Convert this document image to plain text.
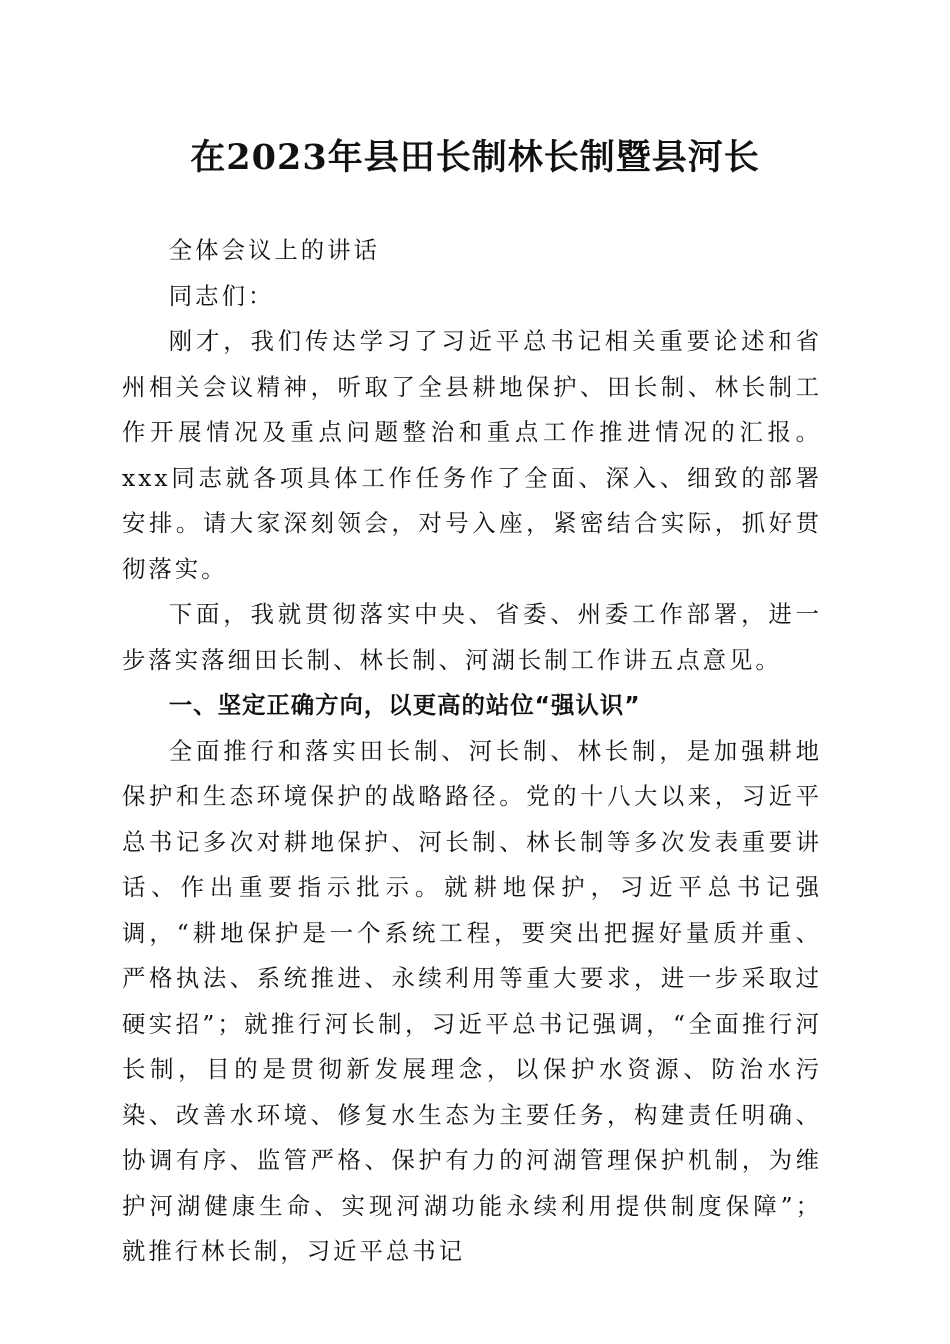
在2023年县田长制林长制暨县河长

全体会议上的讲话

同志们：

刚才，我们传达学习了习近平总书记相关重要论述和省州相关会议精神，听取了全县耕地保护、田长制、林长制工作开展情况及重点问题整治和重点工作推进情况的汇报。xxx同志就各项具体工作任务作了全面、深入、细致的部署安排。请大家深刻领会，对号入座，紧密结合实际，抓好贯彻落实。

下面，我就贯彻落实中央、省委、州委工作部署，进一步落实落细田长制、林长制、河湖长制工作讲五点意见。

一、坚定正确方向，以更高的站位“强认识”

全面推行和落实田长制、河长制、林长制，是加强耕地保护和生态环境保护的战略路径。党的十八大以来，习近平总书记多次对耕地保护、河长制、林长制等多次发表重要讲话、作出重要指示批示。就耕地保护，习近平总书记强调，“耕地保护是一个系统工程，要突出把握好量质并重、严格执法、系统推进、永续利用等重大要求，进一步采取过硬实招”；就推行河长制，习近平总书记强调，“全面推行河长制，目的是贯彻新发展理念，以保护水资源、防治水污染、改善水环境、修复水生态为主要任务，构建责任明确、协调有序、监管严格、保护有力的河湖管理保护机制，为维护河湖健康生命、实现河湖功能永续利用提供制度保障”；就推行林长制，习近平总书记
